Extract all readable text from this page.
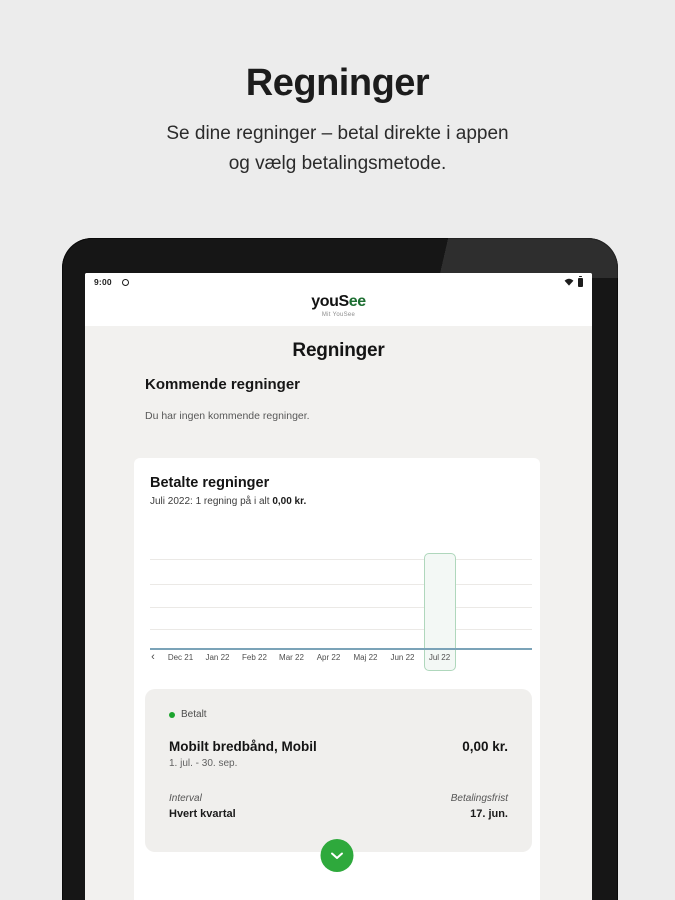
Regninger
Se dine regninger – betal direkte i appen
og vælg betalingsmetode.
9:00
youSee
Mit YouSee
Regninger
Kommende regninger
Du har ingen kommende regninger.
Betalte regninger
Juli 2022: 1 regning på i alt 0,00 kr.
‹	Dec 21	Jan 22	Feb 22	Mar 22	Apr 22	Maj 22	Jun 22	Jul 22
Betalt
Mobilt bredbånd, Mobil	0,00 kr.
1. jul. - 30. sep.
Interval	Betalingsfrist
Hvert kvartal	17. jun.
